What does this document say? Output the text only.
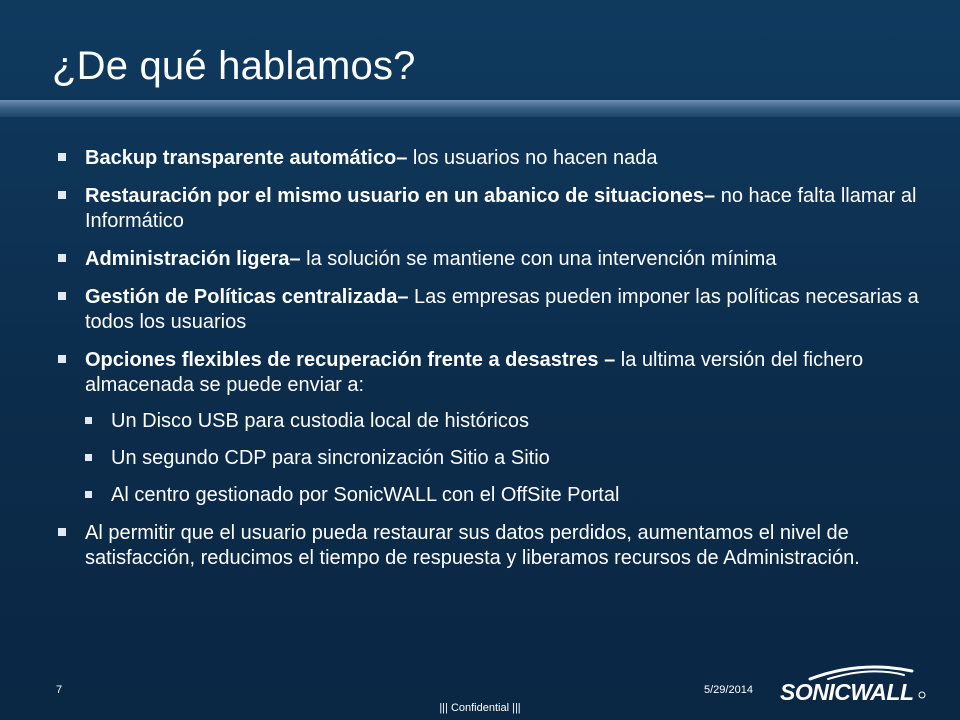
¿De qué hablamos?
Backup transparente automático– los usuarios no hacen nada
Restauración por el mismo usuario en un abanico de situaciones– no hace falta llamar al Informático
Administración ligera– la solución se mantiene con una intervención mínima
Gestión de Políticas centralizada– Las empresas pueden imponer las políticas necesarias a todos los usuarios
Opciones flexibles de recuperación frente a desastres – la ultima versión del fichero almacenada se puede enviar a:
Un Disco USB para custodia local de históricos
Un segundo CDP para sincronización Sitio a Sitio
Al centro gestionado por SonicWALL con el OffSite Portal
Al permitir que el usuario pueda restaurar sus datos perdidos, aumentamos el nivel de satisfacción, reducimos el tiempo de respuesta y liberamos recursos de Administración.
7	5/29/2014
||| Confidential |||
SONICWALL
